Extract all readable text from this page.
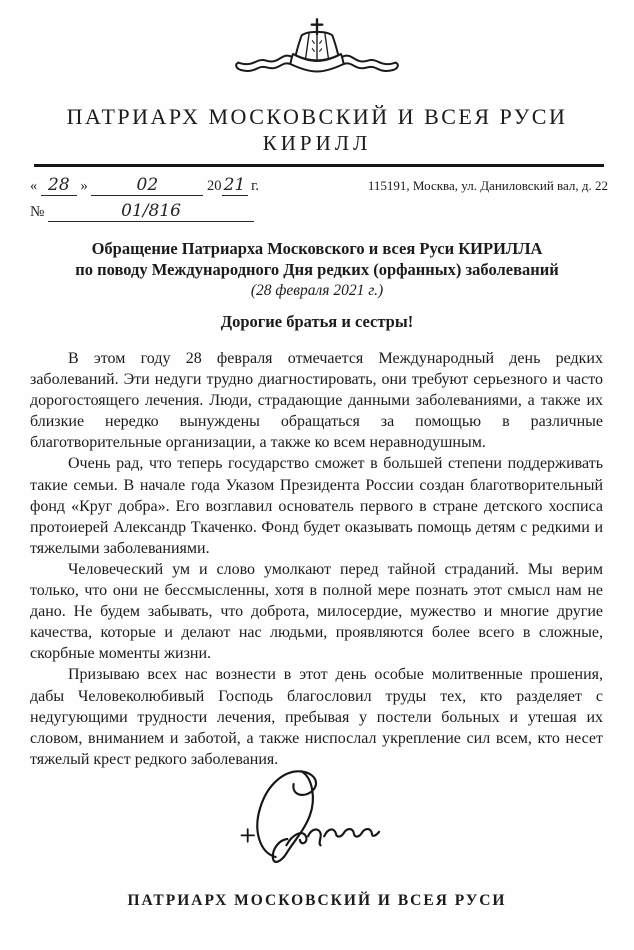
ПАТРИАРХ МОСКОВСКИЙ И ВСЕЯ РУСИ
КИРИЛЛ
« 28 »	02	20 21 г.	115191, Москва, ул. Даниловский вал, д. 22
№	01/816
Обращение Патриарха Московского и всея Руси КИРИЛЛА
по поводу Международного Дня редких (орфанных) заболеваний
(28 февраля 2021 г.)
Дорогие братья и сестры!

В этом году 28 февраля отмечается Международный день редких заболеваний. Эти недуги трудно диагностировать, они требуют серьезного и часто дорогостоящего лечения. Люди, страдающие данными заболеваниями, а также их близкие нередко вынуждены обращаться за помощью в различные благотворительные организации, а также ко всем неравнодушным.

Очень рад, что теперь государство сможет в большей степени поддерживать такие семьи. В начале года Указом Президента России создан благотворительный фонд «Круг добра». Его возглавил основатель первого в стране детского хосписа протоиерей Александр Ткаченко. Фонд будет оказывать помощь детям с редкими и тяжелыми заболеваниями.

Человеческий ум и слово умолкают перед тайной страданий. Мы верим только, что они не бессмысленны, хотя в полной мере познать этот смысл нам не дано. Не будем забывать, что доброта, милосердие, мужество и многие другие качества, которые и делают нас людьми, проявляются более всего в сложные, скорбные моменты жизни.

Призываю всех нас вознести в этот день особые молитвенные прошения, дабы Человеколюбивый Господь благословил труды тех, кто разделяет с недугующими трудности лечения, пребывая у постели больных и утешая их словом, вниманием и заботой, а также ниспослал укрепление сил всем, кто несет тяжелый крест редкого заболевания.

ПАТРИАРХ МОСКОВСКИЙ И ВСЕЯ РУСИ
